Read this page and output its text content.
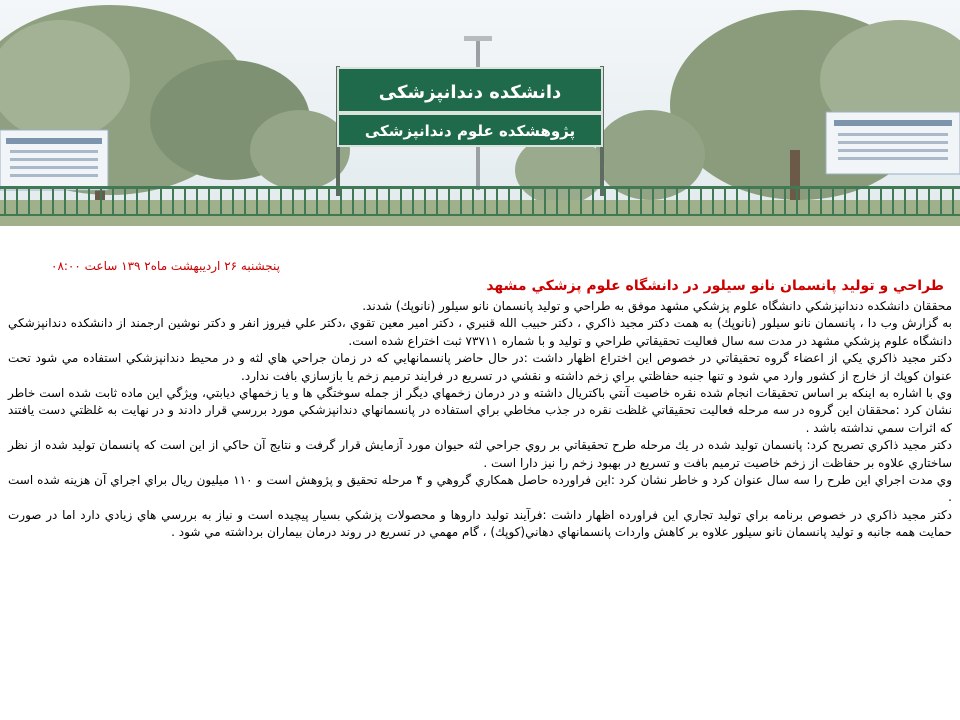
دانشکده دندانپزشکی
پژوهشکده علوم دندانپزشکی
پنجشنبه ۲۶ اردیبهشت ماه۲ ۱۳۹ ساعت ۰۸:۰۰
طراحي و توليد پانسمان نانو سيلور در دانشگاه علوم پزشكي مشهد

محققان دانشكده دندانپزشكي دانشگاه علوم پزشكي مشهد موفق به طراحي و توليد پانسمان نانو سيلور (نانوپك) شدند.

به گزارش وب دا ، پانسمان نانو سيلور (نانوپك) به همت دكتر مجيد ذاكري ، دكتر حبيب الله قنبري ، دكتر امير معين تقوي ،دكتر علي فيروز انفر و دكتر نوشين ارجمند از دانشكده دندانپزشكي دانشگاه علوم پزشكي مشهد در مدت سه سال فعاليت تحقيقاتي طراحي و توليد و با شماره ۷۳۷۱۱ ثبت اختراع شده است.

دكتر مجيد ذاكري يكي از اعضاء گروه تحقيقاتي در خصوص اين اختراع اظهار داشت :در حال حاضر پانسمانهايي كه در زمان جراحي هاي لثه و در محيط دندانپزشكي استفاده مي شود تحت عنوان كوپك از خارج از كشور وارد مي شود و تنها جنبه حفاظتي براي زخم داشته و نقشي در تسريع در فرايند ترميم زخم يا بازسازي بافت ندارد.

وي با اشاره به اينكه بر اساس تحقيقات انجام شده نقره خاصيت آنتي باكتريال داشته و در درمان زخمهاي ديگر از جمله سوختگي ها و يا زخمهاي ديابتي، ويژگي اين ماده ثابت شده است خاطر نشان كرد :محققان اين گروه در سه مرحله فعاليت تحقيقاتي غلظت نقره در جذب مخاطي براي استفاده در پانسمانهاي دندانپزشكي مورد بررسي قرار دادند و در نهايت به غلظتي دست يافتند كه اثرات سمي نداشته باشد .

دكتر مجيد ذاكري تصريح كرد: پانسمان توليد شده در يك مرحله طرح تحقيقاتي بر روي جراحي لثه حيوان مورد آزمايش قرار گرفت و نتايج آن حاكي از اين است كه پانسمان توليد شده از نظر ساختاري علاوه بر حفاظت از زخم خاصيت ترميم بافت و تسريع در بهبود زخم را نيز دارا است .

وي مدت اجراي اين طرح را سه سال عنوان كرد و خاطر نشان كرد :اين فراورده حاصل همكاري گروهي و ۴ مرحله تحقيق و پژوهش است و ۱۱۰ ميليون ريال براي اجراي آن هزينه شده است .

دكتر مجيد ذاكري در خصوص برنامه براي توليد تجاري اين فراورده اظهار داشت :فرآيند توليد داروها و محصولات پزشكي بسيار پيچيده است و نياز به بررسي هاي زيادي دارد اما در صورت حمايت همه جانبه و توليد پانسمان نانو سيلور علاوه بر كاهش واردات پانسمانهاي دهاني(كوپك) ، گام مهمي در تسريع در روند درمان بيماران برداشته مي شود .
